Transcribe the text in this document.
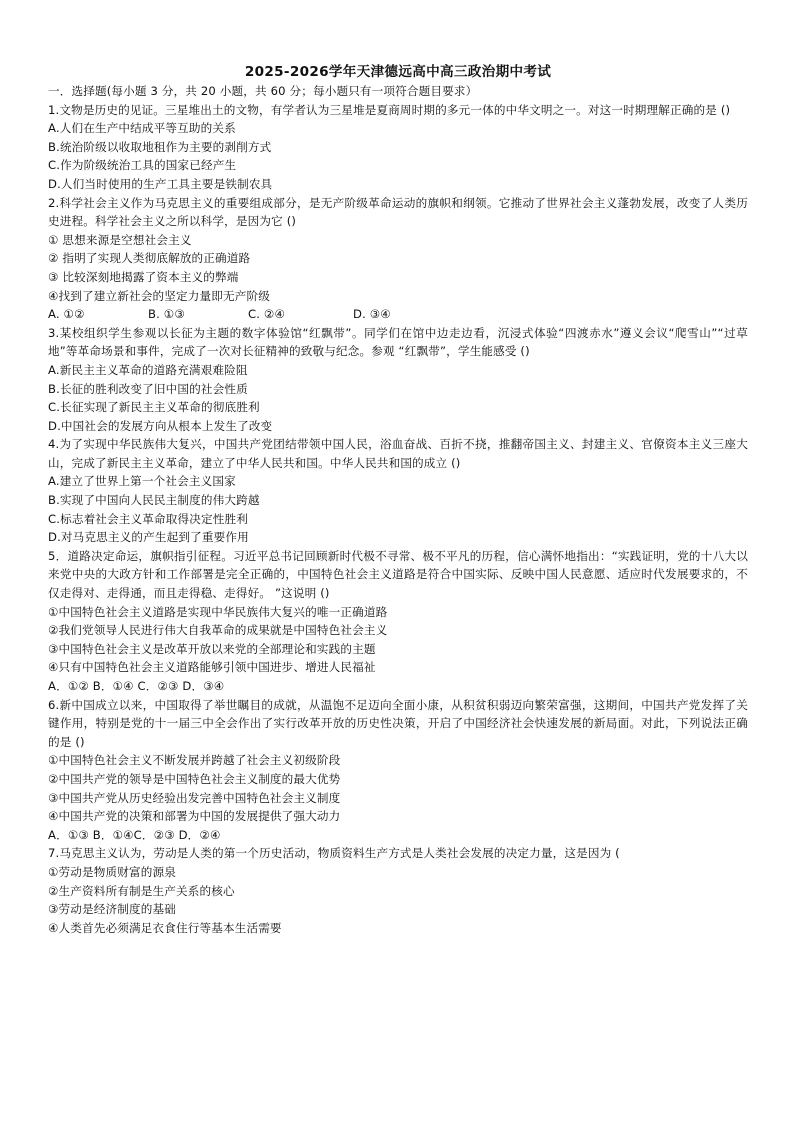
2025-2026学年天津德远高中高三政治期中考试
一．选择题(每小题 3 分，共 20 小题，共 60 分；每小题只有一项符合题目要求）
1.文物是历史的见证。三星堆出土的文物，有学者认为三星堆是夏商周时期的多元一体的中华文明之一。对这一时期理解正确的是 ()
A.人们在生产中结成平等互助的关系
B.统治阶级以收取地租作为主要的剥削方式
C.作为阶级统治工具的国家已经产生
D.人们当时使用的生产工具主要是铁制农具
2.科学社会主义作为马克思主义的重要组成部分，是无产阶级革命运动的旗帜和纲领。它推动了世界社会主义蓬勃发展，改变了人类历史进程。科学社会主义之所以科学，是因为它 ()
① 思想来源是空想社会主义
② 指明了实现人类彻底解放的正确道路
③ 比较深刻地揭露了资本主义的弊端
④找到了建立新社会的坚定力量即无产阶级
A. ①②	B. ①③	C. ②④	D. ③④
3.某校组织学生参观以长征为主题的数字体验馆“红飘带”。同学们在馆中边走边看，沉浸式体验“四渡赤水”遵义会议“爬雪山”“过草地”等革命场景和事件，完成了一次对长征精神的致敬与纪念。参观 “红飘带”，学生能感受 ()
A.新民主主义革命的道路充满艰难险阻
B.长征的胜利改变了旧中国的社会性质
C.长征实现了新民主主义革命的彻底胜利
D.中国社会的发展方向从根本上发生了改变
4.为了实现中华民族伟大复兴，中国共产党团结带领中国人民，浴血奋战、百折不挠，推翻帝国主义、封建主义、官僚资本主义三座大山，完成了新民主主义革命，建立了中华人民共和国。中华人民共和国的成立 ()
A.建立了世界上第一个社会主义国家
B.实现了中国向人民民主制度的伟大跨越
C.标志着社会主义革命取得决定性胜利
D.对马克思主义的产生起到了重要作用
5．道路决定命运，旗帜指引征程。习近平总书记回顾新时代极不寻常、极不平凡的历程，信心满怀地指出：“实践证明，党的十八大以来党中央的大政方针和工作部署是完全正确的，中国特色社会主义道路是符合中国实际、反映中国人民意愿、适应时代发展要求的，不仅走得对、走得通，而且走得稳、走得好。 ”这说明 ()
①中国特色社会主义道路是实现中华民族伟大复兴的唯一正确道路
②我们党领导人民进行伟大自我革命的成果就是中国特色社会主义
③中国特色社会主义是改革开放以来党的全部理论和实践的主题
④只有中国特色社会主义道路能够引领中国进步、增进人民福祉
A．①② B．①④ C．②③ D．③④
6.新中国成立以来，中国取得了举世瞩目的成就，从温饱不足迈向全面小康，从积贫积弱迈向繁荣富强，这期间，中国共产党发挥了关键作用，特别是党的十一届三中全会作出了实行改革开放的历史性决策，开启了中国经济社会快速发展的新局面。对此，下列说法正确的是 ()
①中国特色社会主义不断发展并跨越了社会主义初级阶段
②中国共产党的领导是中国特色社会主义制度的最大优势
③中国共产党从历史经验出发完善中国特色社会主义制度
④中国共产党的决策和部署为中国的发展提供了强大动力
A．①③ B．①④C．②③ D．②④
7.马克思主义认为，劳动是人类的第一个历史活动，物质资料生产方式是人类社会发展的决定力量，这是因为 (
①劳动是物质财富的源泉
②生产资料所有制是生产关系的核心
③劳动是经济制度的基础
④人类首先必须满足衣食住行等基本生活需要
